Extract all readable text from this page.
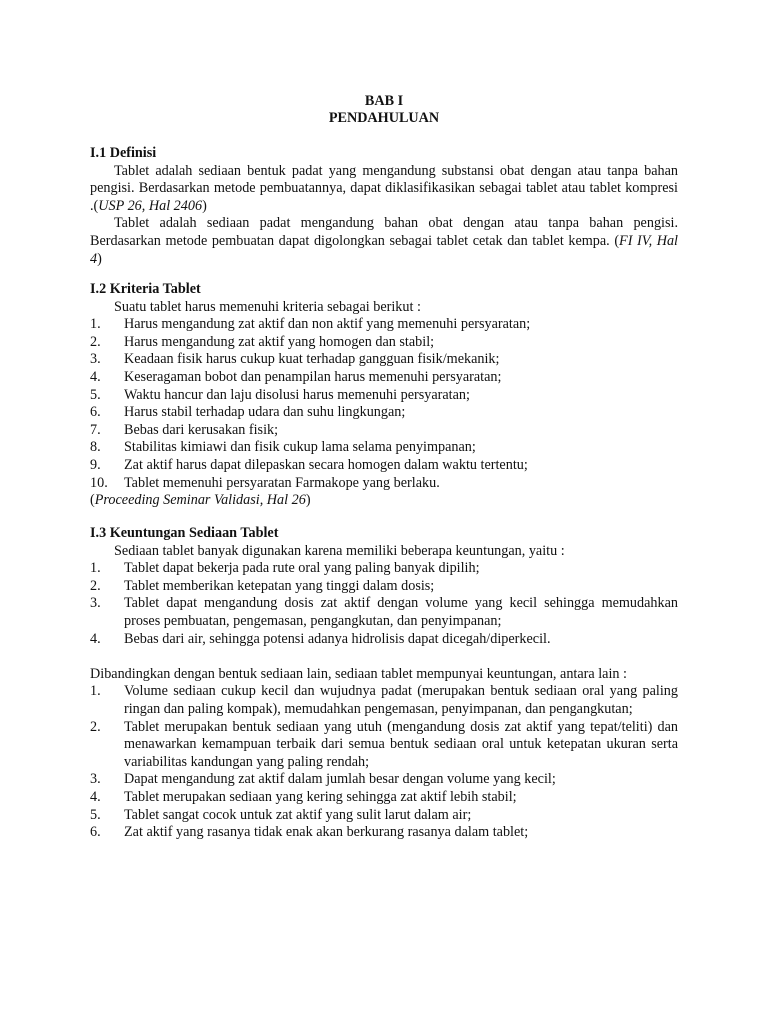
BAB I
PENDAHULUAN
I.1 Definisi
Tablet adalah sediaan bentuk padat yang mengandung substansi obat dengan atau tanpa bahan pengisi. Berdasarkan metode pembuatannya, dapat diklasifikasikan sebagai tablet atau tablet kompresi .(USP 26, Hal 2406)
Tablet adalah sediaan padat mengandung bahan obat dengan atau tanpa bahan pengisi. Berdasarkan metode pembuatan dapat digolongkan sebagai tablet cetak dan tablet kempa. (FI IV, Hal 4)
I.2 Kriteria Tablet
Suatu tablet harus memenuhi kriteria sebagai berikut :
1. Harus mengandung zat aktif dan non aktif yang memenuhi persyaratan;
2. Harus mengandung zat aktif yang homogen dan stabil;
3. Keadaan fisik harus cukup kuat terhadap gangguan fisik/mekanik;
4. Keseragaman bobot dan penampilan harus memenuhi persyaratan;
5. Waktu hancur dan laju disolusi harus memenuhi persyaratan;
6. Harus stabil terhadap udara dan suhu lingkungan;
7. Bebas dari kerusakan fisik;
8. Stabilitas kimiawi dan fisik cukup lama selama penyimpanan;
9. Zat aktif harus dapat dilepaskan secara homogen dalam waktu tertentu;
10. Tablet memenuhi persyaratan Farmakope yang berlaku.
(Proceeding Seminar Validasi, Hal 26)
I.3 Keuntungan Sediaan Tablet
Sediaan tablet banyak digunakan karena memiliki beberapa keuntungan, yaitu :
1. Tablet dapat bekerja pada rute oral yang paling banyak dipilih;
2. Tablet memberikan ketepatan yang tinggi dalam dosis;
3. Tablet dapat mengandung dosis zat aktif dengan volume yang kecil sehingga memudahkan proses pembuatan, pengemasan, pengangkutan, dan penyimpanan;
4. Bebas dari air, sehingga potensi adanya hidrolisis dapat dicegah/diperkecil.
Dibandingkan dengan bentuk sediaan lain, sediaan tablet mempunyai keuntungan, antara lain :
1. Volume sediaan cukup kecil dan wujudnya padat (merupakan bentuk sediaan oral yang paling ringan dan paling kompak), memudahkan pengemasan, penyimpanan, dan pengangkutan;
2. Tablet merupakan bentuk sediaan yang utuh (mengandung dosis zat aktif yang tepat/teliti) dan menawarkan kemampuan terbaik dari semua bentuk sediaan oral untuk ketepatan ukuran serta variabilitas kandungan yang paling rendah;
3. Dapat mengandung zat aktif dalam jumlah besar dengan volume yang kecil;
4. Tablet merupakan sediaan yang kering sehingga zat aktif lebih stabil;
5. Tablet sangat cocok untuk zat aktif yang sulit larut dalam air;
6. Zat aktif yang rasanya tidak enak akan berkurang rasanya dalam tablet;
